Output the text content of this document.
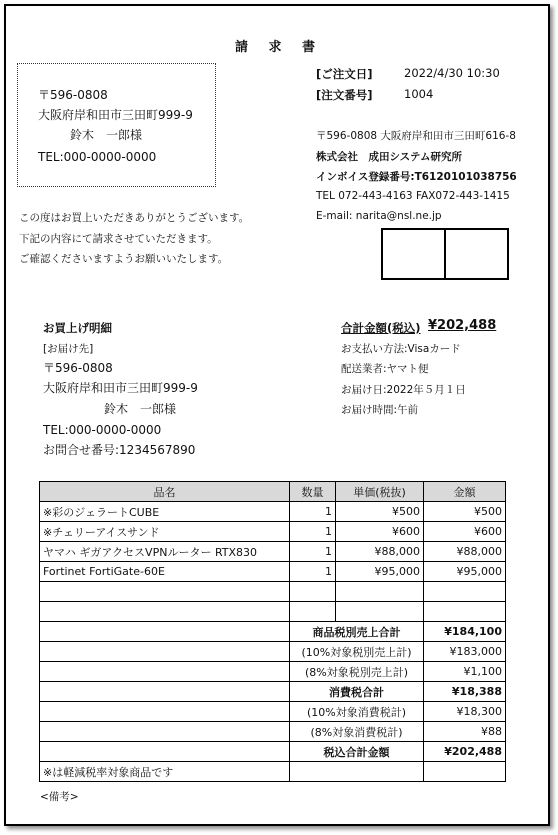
請 求 書
〒596-0808
大阪府岸和田市三田町999-9
鈴木　一郎様
TEL:000-0000-0000
[ご注文日]	2022/4/30 10:30
[注文番号]	1004
〒596-0808 大阪府岸和田市三田町616-8
株式会社　成田システム研究所
インボイス登録番号:T6120101038756
TEL 072-443-4163 FAX072-443-1415
E-mail: narita@nsl.ne.jp
この度はお買上いただきありがとうございます。
下記の内容にて請求させていただきます。
ご確認くださいますようお願いいたします。
お買上げ明細
[お届け先]
〒596-0808
大阪府岸和田市三田町999-9
鈴木　一郎様
TEL:000-0000-0000
お問合せ番号:1234567890
合計金額(税込) ¥202,488
お支払い方法:Visaカード
配送業者:ヤマト便
お届け日:2022年５月１日
お届け時間:午前
品名	数量	単価(税抜)	金額
※彩のジェラートCUBE	1	¥500	¥500
※チェリーアイスサンド	1	¥600	¥600
ヤマハ ギガアクセスVPNルーター RTX830	1	¥88,000	¥88,000
Fortinet FortiGate-60E	1	¥95,000	¥95,000

	商品税別売上合計		¥184,100
	(10%対象税別売上計)		¥183,000
	(8%対象税別売上計)		¥1,100
	消費税合計		¥18,388
	(10%対象消費税計)		¥18,300
	(8%対象消費税計)		¥88
	税込合計金額		¥202,488
※は軽減税率対象商品です			
<備考>
